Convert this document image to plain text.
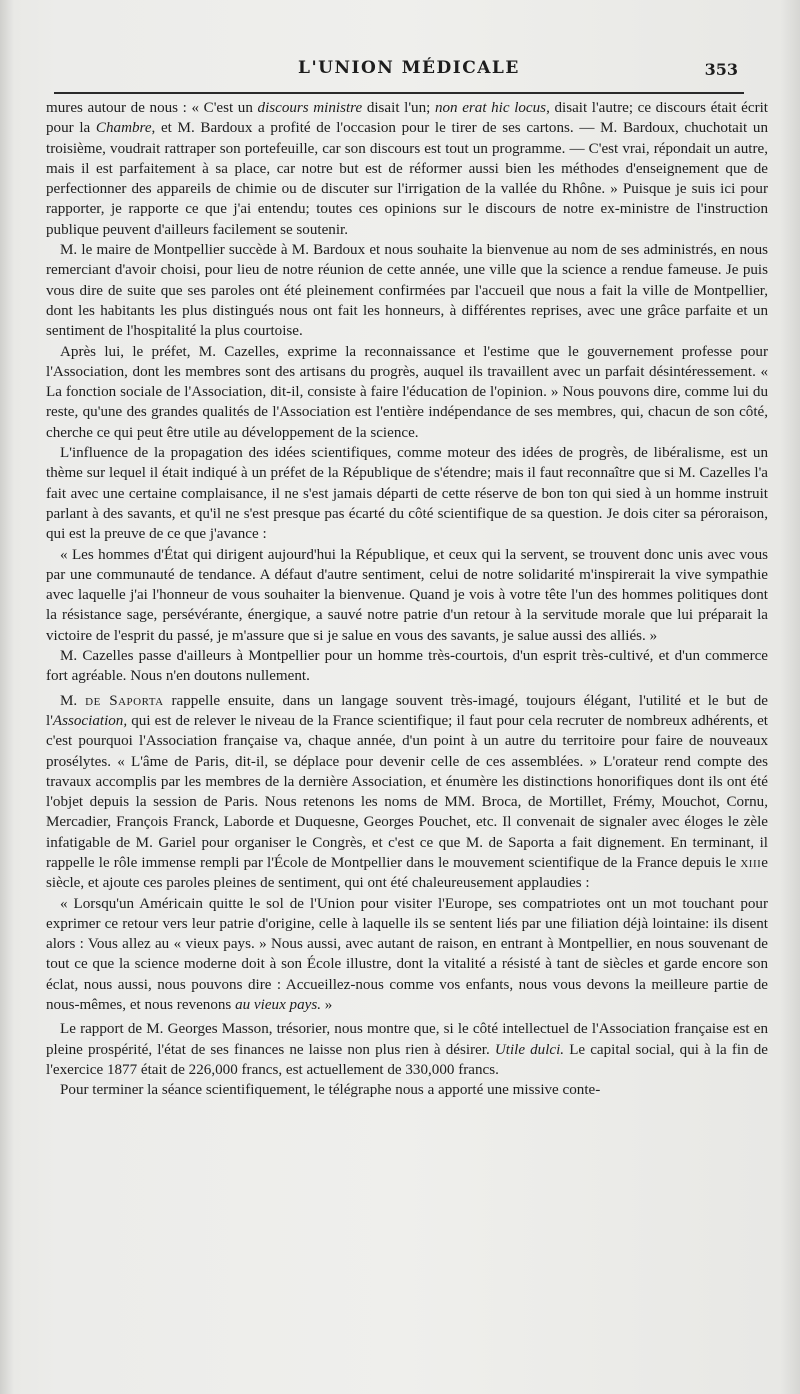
L'UNION MÉDICALE	353

mures autour de nous : « C'est un discours ministre disait l'un; non erat hic locus, disait l'autre; ce discours était écrit pour la Chambre, et M. Bardoux a profité de l'occasion pour le tirer de ses cartons. — M. Bardoux, chuchotait un troisième, voudrait rattraper son portefeuille, car son discours est tout un programme. — C'est vrai, répondait un autre, mais il est parfaitement à sa place, car notre but est de réformer aussi bien les méthodes d'enseignement que de perfectionner des appareils de chimie ou de discuter sur l'irrigation de la vallée du Rhône. » Puisque je suis ici pour rapporter, je rapporte ce que j'ai entendu; toutes ces opinions sur le discours de notre ex-ministre de l'instruction publique peuvent d'ailleurs facilement se soutenir.

M. le maire de Montpellier succède à M. Bardoux et nous souhaite la bienvenue au nom de ses administrés, en nous remerciant d'avoir choisi, pour lieu de notre réunion de cette année, une ville que la science a rendue fameuse. Je puis vous dire de suite que ses paroles ont été pleinement confirmées par l'accueil que nous a fait la ville de Montpellier, dont les habitants les plus distingués nous ont fait les honneurs, à différentes reprises, avec une grâce parfaite et un sentiment de l'hospitalité la plus courtoise.

Après lui, le préfet, M. Cazelles, exprime la reconnaissance et l'estime que le gouvernement professe pour l'Association, dont les membres sont des artisans du progrès, auquel ils travaillent avec un parfait désintéressement. « La fonction sociale de l'Association, dit-il, consiste à faire l'éducation de l'opinion. » Nous pouvons dire, comme lui du reste, qu'une des grandes qualités de l'Association est l'entière indépendance de ses membres, qui, chacun de son côté, cherche ce qui peut être utile au développement de la science.

L'influence de la propagation des idées scientifiques, comme moteur des idées de progrès, de libéralisme, est un thème sur lequel il était indiqué à un préfet de la République de s'étendre; mais il faut reconnaître que si M. Cazelles l'a fait avec une certaine complaisance, il ne s'est jamais départi de cette réserve de bon ton qui sied à un homme instruit parlant à des savants, et qu'il ne s'est presque pas écarté du côté scientifique de sa question. Je dois citer sa péroraison, qui est la preuve de ce que j'avance :

« Les hommes d'État qui dirigent aujourd'hui la République, et ceux qui la servent, se trouvent donc unis avec vous par une communauté de tendance. A défaut d'autre sentiment, celui de notre solidarité m'inspirerait la vive sympathie avec laquelle j'ai l'honneur de vous souhaiter la bienvenue. Quand je vois à votre tête l'un des hommes politiques dont la résistance sage, persévérante, énergique, a sauvé notre patrie d'un retour à la servitude morale que lui préparait la victoire de l'esprit du passé, je m'assure que si je salue en vous des savants, je salue aussi des alliés. »

M. Cazelles passe d'ailleurs à Montpellier pour un homme très-courtois, d'un esprit très-cultivé, et d'un commerce fort agréable. Nous n'en doutons nullement.

M. de Saporta rappelle ensuite, dans un langage souvent très-imagé, toujours élégant, l'utilité et le but de l'Association, qui est de relever le niveau de la France scientifique; il faut pour cela recruter de nombreux adhérents, et c'est pourquoi l'Association française va, chaque année, d'un point à un autre du territoire pour faire de nouveaux prosélytes. « L'âme de Paris, dit-il, se déplace pour devenir celle de ces assemblées. » L'orateur rend compte des travaux accomplis par les membres de la dernière Association, et énumère les distinctions honorifiques dont ils ont été l'objet depuis la session de Paris. Nous retenons les noms de MM. Broca, de Mortillet, Frémy, Mouchot, Cornu, Mercadier, François Franck, Laborde et Duquesne, Georges Pouchet, etc. Il convenait de signaler avec éloges le zèle infatigable de M. Gariel pour organiser le Congrès, et c'est ce que M. de Saporta a fait dignement. En terminant, il rappelle le rôle immense rempli par l'École de Montpellier dans le mouvement scientifique de la France depuis le xiiie siècle, et ajoute ces paroles pleines de sentiment, qui ont été chaleureusement applaudies :

« Lorsqu'un Américain quitte le sol de l'Union pour visiter l'Europe, ses compatriotes ont un mot touchant pour exprimer ce retour vers leur patrie d'origine, celle à laquelle ils se sentent liés par une filiation déjà lointaine: ils disent alors : Vous allez au « vieux pays. » Nous aussi, avec autant de raison, en entrant à Montpellier, en nous souvenant de tout ce que la science moderne doit à son École illustre, dont la vitalité a résisté à tant de siècles et garde encore son éclat, nous aussi, nous pouvons dire : Accueillez-nous comme vos enfants, nous vous devons la meilleure partie de nous-mêmes, et nous revenons au vieux pays. »

Le rapport de M. Georges Masson, trésorier, nous montre que, si le côté intellectuel de l'Association française est en pleine prospérité, l'état de ses finances ne laisse non plus rien à désirer. Utile dulci. Le capital social, qui à la fin de l'exercice 1877 était de 226,000 francs, est actuellement de 330,000 francs.

Pour terminer la séance scientifiquement, le télégraphe nous a apporté une missive conte-
